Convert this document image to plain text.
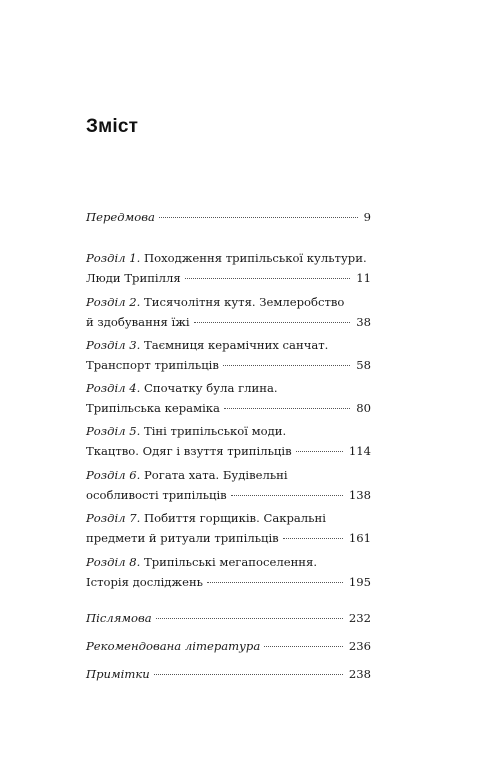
Зміст
Передмова	9
Розділ 1. Походження трипільської культури.
Люди Трипілля	11
Розділ 2. Тисячолітня кутя. Землеробство
й здобування їжі	38
Розділ 3. Таємниця керамічних санчат.
Транспорт трипільців	58
Розділ 4. Спочатку була глина.
Трипільська кераміка	80
Розділ 5. Тіні трипільської моди.
Ткацтво. Одяг і взуття трипільців	114
Розділ 6. Рогата хата. Будівельні
особливості трипільців	138
Розділ 7. Побиття горщиків. Сакральні
предмети й ритуали трипільців	161
Розділ 8. Трипільські мегапоселення.
Історія досліджень	195
Післямова	232
Рекомендована література	236
Примітки	238
